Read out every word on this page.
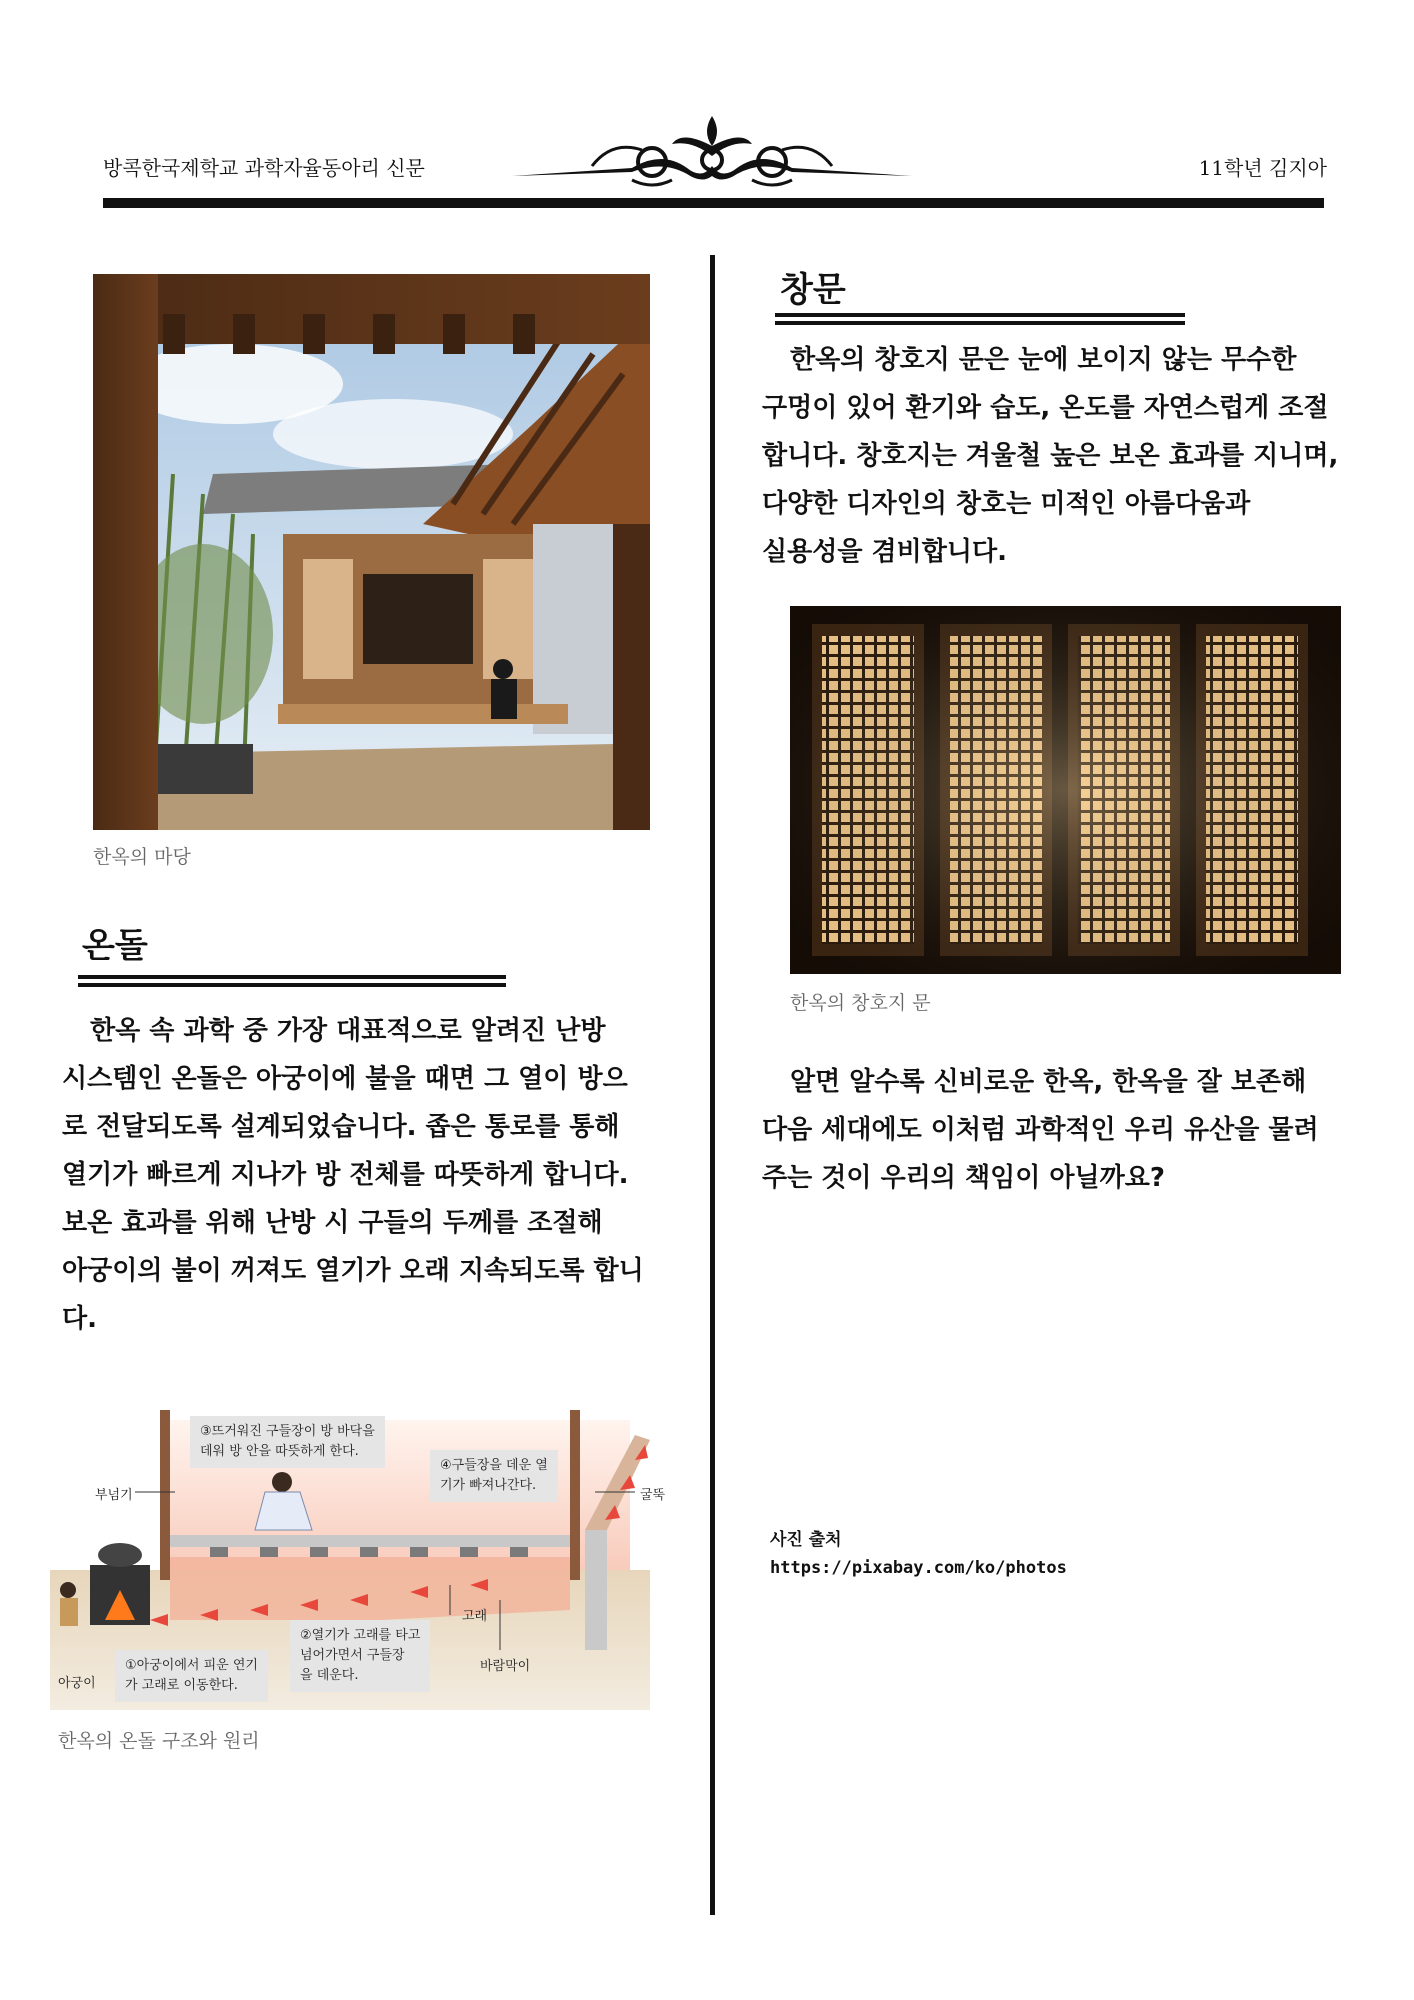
방콕한국제학교 과학자율동아리 신문	11학년 김지아
한옥의 마당
온돌

한옥 속 과학 중 가장 대표적으로 알려진 난방

시스템인 온돌은 아궁이에 불을 때면 그 열이 방으

로 전달되도록 설계되었습니다. 좁은 통로를 통해

열기가 빠르게 지나가 방 전체를 따뜻하게 합니다.

보온 효과를 위해 난방 시 구들의 두께를 조절해

아궁이의 불이 꺼져도 열기가 오래 지속되도록 합니

다.

③뜨거워진 구들장이 방 바닥을
데워 방 안을 따뜻하게 한다.
④구들장을 데운 열
기가 빠져나간다.
부넘기	굴뚝
고래
바람막이
아궁이
①아궁이에서 피운 연기
가 고래로 이동한다.
②열기가 고래를 타고
넘어가면서 구들장
을 데운다.
한옥의 온돌 구조와 원리
창문

한옥의 창호지 문은 눈에 보이지 않는 무수한

구멍이 있어 환기와 습도, 온도를 자연스럽게 조절

합니다. 창호지는 겨울철 높은 보온 효과를 지니며,

다양한 디자인의 창호는 미적인 아름다움과

실용성을 겸비합니다.

한옥의 창호지 문

알면 알수록 신비로운 한옥, 한옥을 잘 보존해

다음 세대에도 이처럼 과학적인 우리 유산을 물려

주는 것이 우리의 책임이 아닐까요?

사진 출처
https://pixabay.com/ko/photos
